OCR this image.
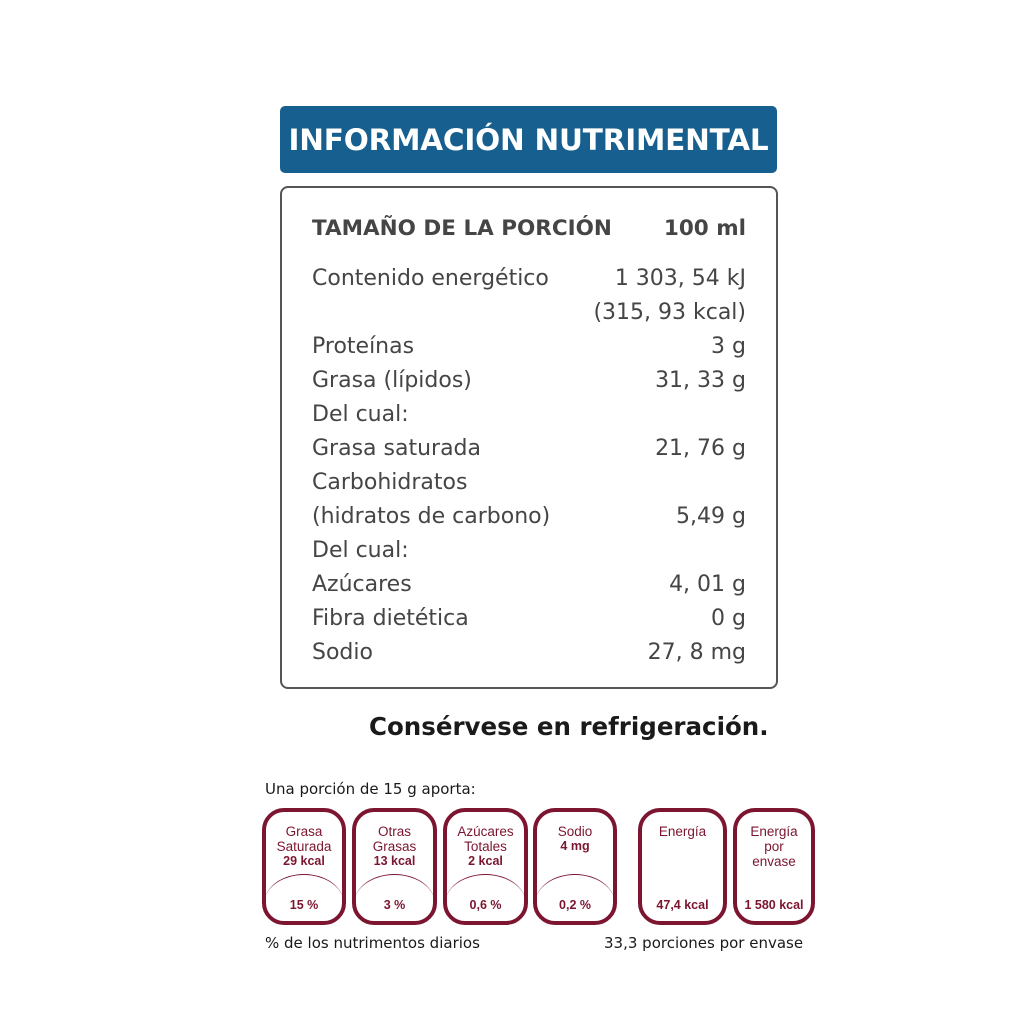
INFORMACIÓN NUTRIMENTAL
TAMAÑO DE LA PORCIÓN 100 ml
Contenido energético	1 303, 54 kJ
(315, 93 kcal)
Proteínas	3 g
Grasa (lípidos)	31, 33 g
Del cual:
Grasa saturada	21, 76 g
Carbohidratos
(hidratos de carbono)	5,49 g
Del cual:
Azúcares	4, 01 g
Fibra dietética	0 g
Sodio	27, 8 mg
Consérvese en refrigeración.
Una porción de 15 g aporta:
Grasa
Saturada
29 kcal
15 %
Otras
Grasas
13 kcal
3 %
Azúcares
Totales
2 kcal
0,6 %
Sodio

4 mg
0,2 %
Energía

47,4 kcal
Energía
por
envase
1 580 kcal
% de los nutrimentos diarios	33,3 porciones por envase
